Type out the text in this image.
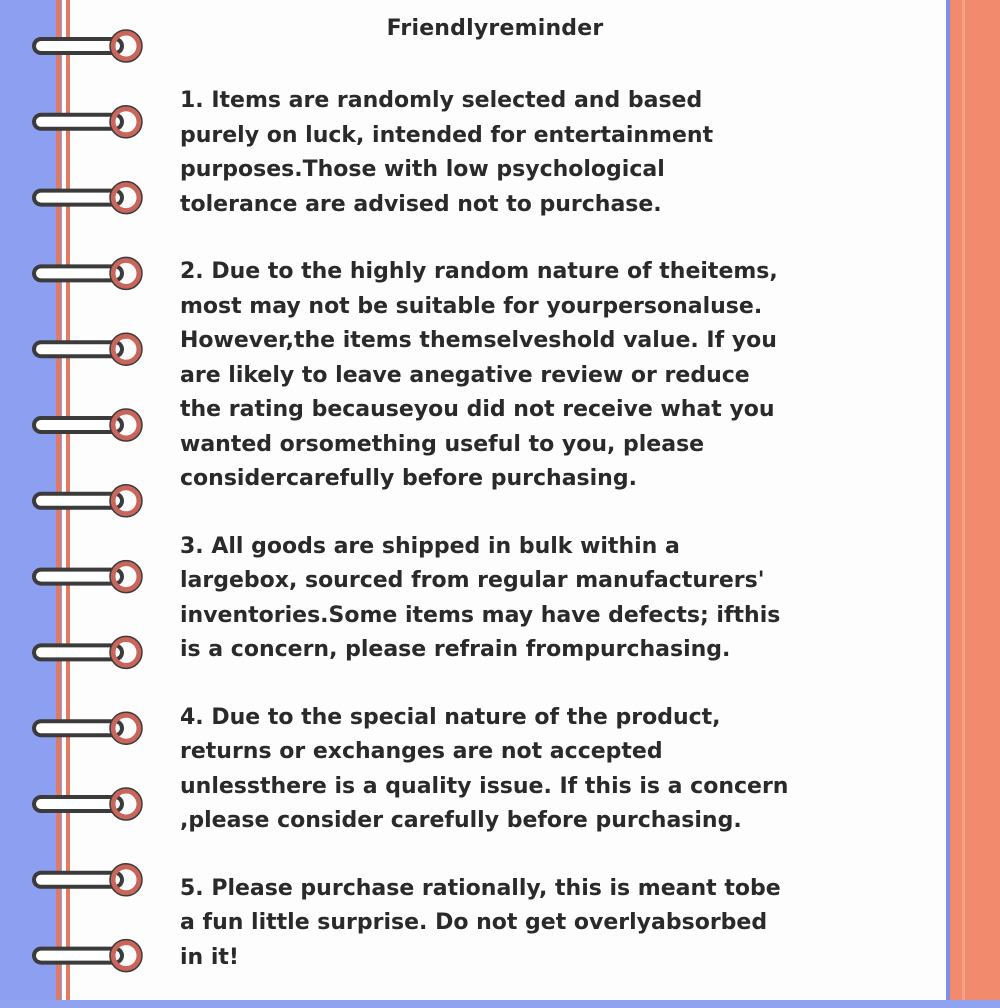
Friendlyreminder

1. Items are randomly selected and based
purely on luck, intended for entertainment
purposes.Those with low psychological
tolerance are advised not to purchase.

2. Due to the highly random nature of theitems,
most may not be suitable for yourpersonaluse.
However,the items themselveshold value. If you
are likely to leave anegative review or reduce
the rating becauseyou did not receive what you
wanted orsomething useful to you, please
considercarefully before purchasing.

3. All goods are shipped in bulk within a
largebox, sourced from regular manufacturers'
inventories.Some items may have defects; ifthis
is a concern, please refrain frompurchasing.

4. Due to the special nature of the product,
returns or exchanges are not accepted
unlessthere is a quality issue. If this is a concern
,please consider carefully before purchasing.

5. Please purchase rationally, this is meant tobe
a fun little surprise. Do not get overlyabsorbed
in it!
